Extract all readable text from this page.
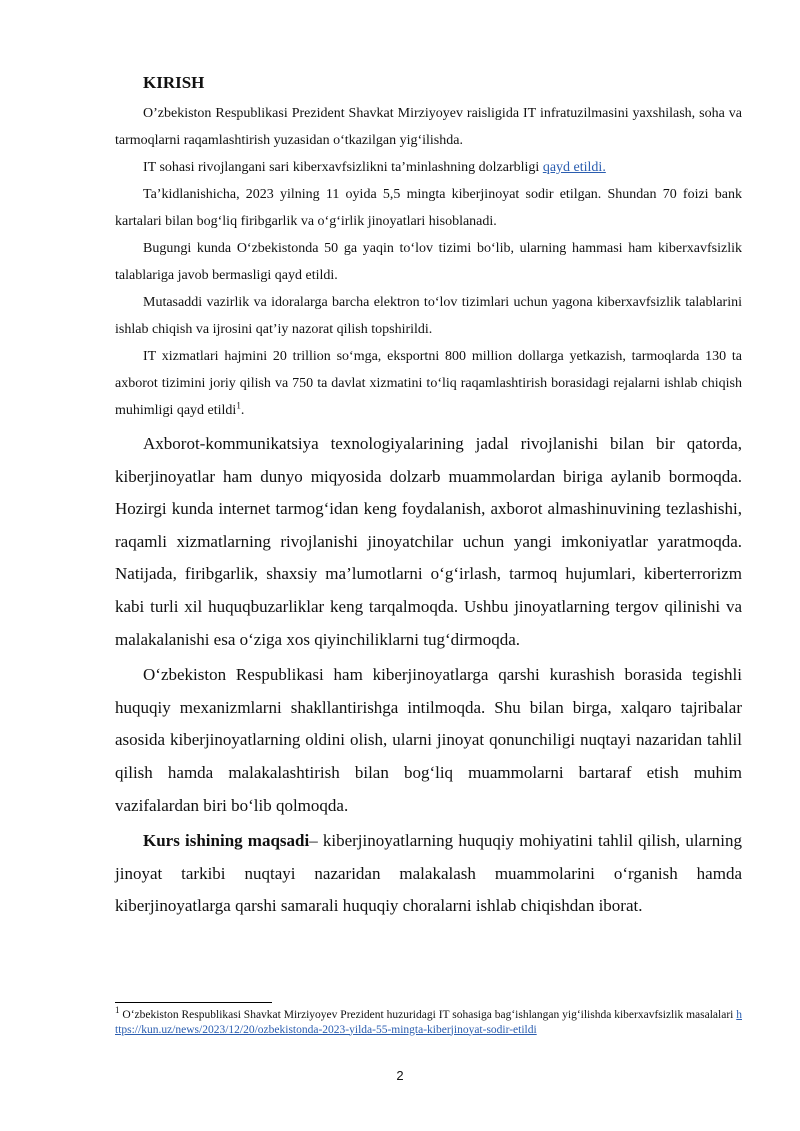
KIRISH

O’zbekiston Respublikasi Prezident Shavkat Mirziyoyev raisligida IT infratuzilmasini yaxshilash, soha va tarmoqlarni raqamlashtirish yuzasidan o‘tkazilgan yig‘ilishda.

IT sohasi rivojlangani sari kiberxavfsizlikni ta’minlashning dolzarbligi qayd etildi.

Ta’kidlanishicha, 2023 yilning 11 oyida 5,5 mingta kiberjinoyat sodir etilgan. Shundan 70 foizi bank kartalari bilan bog‘liq firibgarlik va o‘g‘irlik jinoyatlari hisoblanadi.

Bugungi kunda O‘zbekistonda 50 ga yaqin to‘lov tizimi bo‘lib, ularning hammasi ham kiberxavfsizlik talablariga javob bermasligi qayd etildi.

Mutasaddi vazirlik va idoralarga barcha elektron to‘lov tizimlari uchun yagona kiberxavfsizlik talablarini ishlab chiqish va ijrosini qat’iy nazorat qilish topshirildi.

IT xizmatlari hajmini 20 trillion so‘mga, eksportni 800 million dollarga yetkazish, tarmoqlarda 130 ta axborot tizimini joriy qilish va 750 ta davlat xizmatini to‘liq raqamlashtirish borasidagi rejalarni ishlab chiqish muhimligi qayd etildi$^1$.

Axborot-kommunikatsiya texnologiyalarining jadal rivojlanishi bilan bir qatorda, kiberjinoyatlar ham dunyo miqyosida dolzarb muammolardan biriga aylanib bormoqda. Hozirgi kunda internet tarmog‘idan keng foydalanish, axborot almashinuvining tezlashishi, raqamli xizmatlarning rivojlanishi jinoyatchilar uchun yangi imkoniyatlar yaratmoqda. Natijada, firibgarlik, shaxsiy ma’lumotlarni o‘g‘irlash, tarmoq hujumlari, kiberterrorizm kabi turli xil huquqbuzarliklar keng tarqalmoqda. Ushbu jinoyatlarning tergov qilinishi va malakalanishi esa o‘ziga xos qiyinchiliklarni tug‘dirmoqda.

O‘zbekiston Respublikasi ham kiberjinoyatlarga qarshi kurashish borasida tegishli huquqiy mexanizmlarni shakllantirishga intilmoqda. Shu bilan birga, xalqaro tajribalar asosida kiberjinoyatlarning oldini olish, ularni jinoyat qonunchiligi nuqtayi nazaridan tahlil qilish hamda malakalashtirish bilan bog‘liq muammolarni bartaraf etish muhim vazifalardan biri bo‘lib qolmoqda.

Kurs ishining maqsadi– kiberjinoyatlarning huquqiy mohiyatini tahlil qilish, ularning jinoyat tarkibi nuqtayi nazaridan malakalash muammolarini o‘rganish hamda kiberjinoyatlarga qarshi samarali huquqiy choralarni ishlab chiqishdan iborat.

$^1$ O‘zbekiston Respublikasi Shavkat Mirziyoyev Prezident huzuridagi IT sohasiga bag‘ishlangan yig‘ilishda kiberxavfsizlik masalalari https://kun.uz/news/2023/12/20/ozbekistonda-2023-yilda-55-mingta-kiberjinoyat-sodir-etildi
2
